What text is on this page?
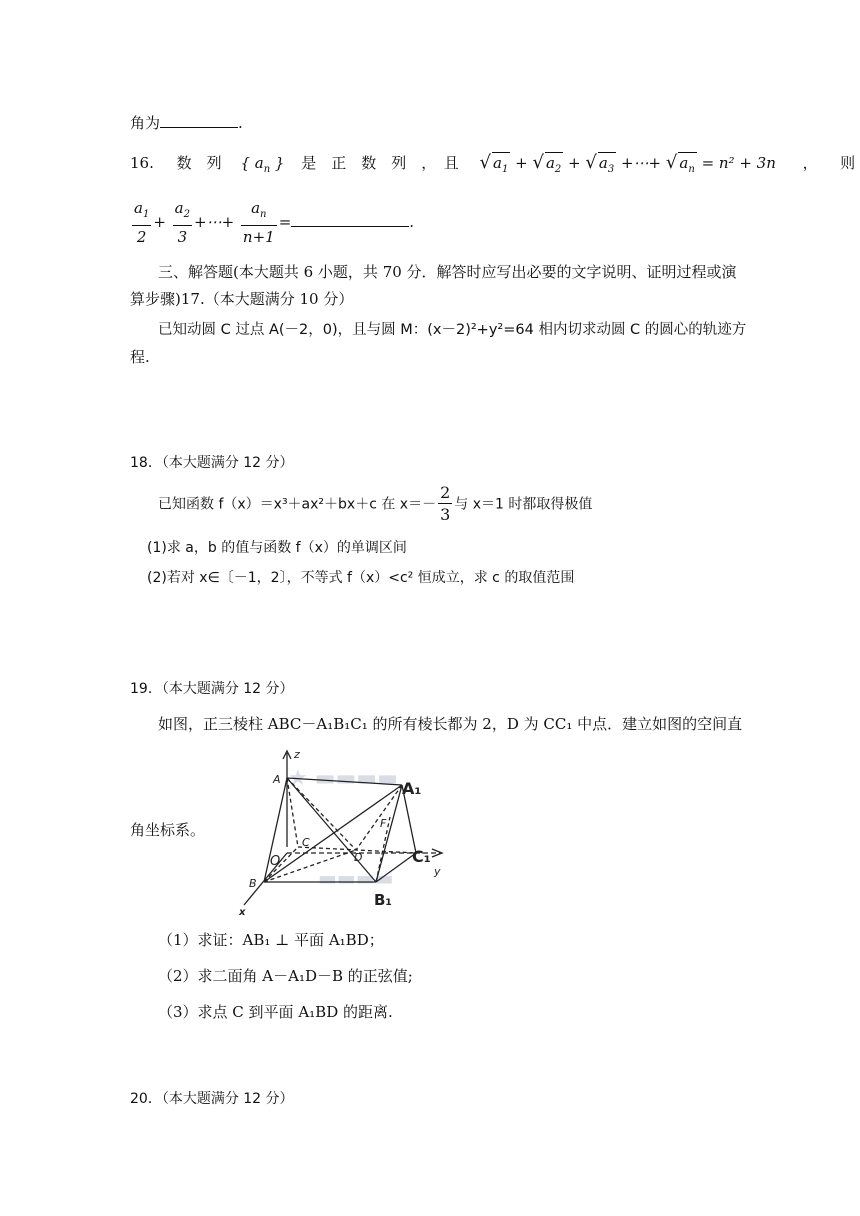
角为	.
16. 数　列 { $a_n$ } 是　正　数　列　，　且 √ $a_1$ + √ $a_2$ + √ $a_3$ +⋯+ √ $a_n = n^2 + 3n$ ，　　则
$\frac{a_1}{2} + \frac{a_2}{3}$ +⋯+ $\frac{a_n}{n+1}$ =	.
三、解答题(本大题共 6 小题，共 70 分．解答时应写出必要的文字说明、证明过程或演
算步骤)17.（本大题满分 10 分）
已知动圆 C 过点 A(－2，0)，且与圆 M：(x－2)²+y²=64 相内切求动圆 C 的圆心的轨迹方
程.
18．（本大题满分 12 分）
已知函数 f（x）＝x³＋ax²＋bx＋c 在 $x=- \frac{2}{3}$ 与 x＝1 时都取得极值
(1)求 a，b 的值与函数 f（x）的单调区间
(2)若对 x∈〔－1，2〕，不等式 f（x）<c² 恒成立，求 c 的取值范围
19．（本大题满分 12 分）
如图，正三棱柱 ABC－A₁B₁C₁ 的所有棱长都为 2，D 为 CC₁ 中点．建立如图的空间直
角坐标系。
★ ▬▬▬▬
▬▬▬▬
z
A	A₁
F
C
D
O	C₁
y
B
B₁
x
（1）求证：AB₁ ⊥ 平面 A₁BD；
（2）求二面角 A－A₁D－B 的正弦值;
（3）求点 C 到平面 A₁BD 的距离.
20．（本大题满分 12 分）
